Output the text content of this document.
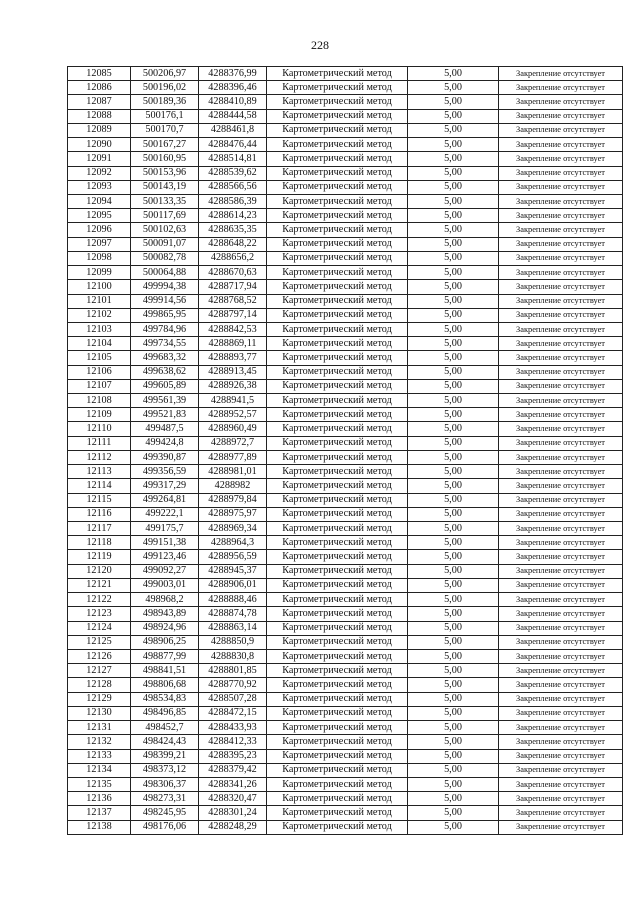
228
12085	500206,97	4288376,99	Картометрический метод	5,00	Закрепление отсутствует
12086	500196,02	4288396,46	Картометрический метод	5,00	Закрепление отсутствует
12087	500189,36	4288410,89	Картометрический метод	5,00	Закрепление отсутствует
12088	500176,1	4288444,58	Картометрический метод	5,00	Закрепление отсутствует
12089	500170,7	4288461,8	Картометрический метод	5,00	Закрепление отсутствует
12090	500167,27	4288476,44	Картометрический метод	5,00	Закрепление отсутствует
12091	500160,95	4288514,81	Картометрический метод	5,00	Закрепление отсутствует
12092	500153,96	4288539,62	Картометрический метод	5,00	Закрепление отсутствует
12093	500143,19	4288566,56	Картометрический метод	5,00	Закрепление отсутствует
12094	500133,35	4288586,39	Картометрический метод	5,00	Закрепление отсутствует
12095	500117,69	4288614,23	Картометрический метод	5,00	Закрепление отсутствует
12096	500102,63	4288635,35	Картометрический метод	5,00	Закрепление отсутствует
12097	500091,07	4288648,22	Картометрический метод	5,00	Закрепление отсутствует
12098	500082,78	4288656,2	Картометрический метод	5,00	Закрепление отсутствует
12099	500064,88	4288670,63	Картометрический метод	5,00	Закрепление отсутствует
12100	499994,38	4288717,94	Картометрический метод	5,00	Закрепление отсутствует
12101	499914,56	4288768,52	Картометрический метод	5,00	Закрепление отсутствует
12102	499865,95	4288797,14	Картометрический метод	5,00	Закрепление отсутствует
12103	499784,96	4288842,53	Картометрический метод	5,00	Закрепление отсутствует
12104	499734,55	4288869,11	Картометрический метод	5,00	Закрепление отсутствует
12105	499683,32	4288893,77	Картометрический метод	5,00	Закрепление отсутствует
12106	499638,62	4288913,45	Картометрический метод	5,00	Закрепление отсутствует
12107	499605,89	4288926,38	Картометрический метод	5,00	Закрепление отсутствует
12108	499561,39	4288941,5	Картометрический метод	5,00	Закрепление отсутствует
12109	499521,83	4288952,57	Картометрический метод	5,00	Закрепление отсутствует
12110	499487,5	4288960,49	Картометрический метод	5,00	Закрепление отсутствует
12111	499424,8	4288972,7	Картометрический метод	5,00	Закрепление отсутствует
12112	499390,87	4288977,89	Картометрический метод	5,00	Закрепление отсутствует
12113	499356,59	4288981,01	Картометрический метод	5,00	Закрепление отсутствует
12114	499317,29	4288982	Картометрический метод	5,00	Закрепление отсутствует
12115	499264,81	4288979,84	Картометрический метод	5,00	Закрепление отсутствует
12116	499222,1	4288975,97	Картометрический метод	5,00	Закрепление отсутствует
12117	499175,7	4288969,34	Картометрический метод	5,00	Закрепление отсутствует
12118	499151,38	4288964,3	Картометрический метод	5,00	Закрепление отсутствует
12119	499123,46	4288956,59	Картометрический метод	5,00	Закрепление отсутствует
12120	499092,27	4288945,37	Картометрический метод	5,00	Закрепление отсутствует
12121	499003,01	4288906,01	Картометрический метод	5,00	Закрепление отсутствует
12122	498968,2	4288888,46	Картометрический метод	5,00	Закрепление отсутствует
12123	498943,89	4288874,78	Картометрический метод	5,00	Закрепление отсутствует
12124	498924,96	4288863,14	Картометрический метод	5,00	Закрепление отсутствует
12125	498906,25	4288850,9	Картометрический метод	5,00	Закрепление отсутствует
12126	498877,99	4288830,8	Картометрический метод	5,00	Закрепление отсутствует
12127	498841,51	4288801,85	Картометрический метод	5,00	Закрепление отсутствует
12128	498806,68	4288770,92	Картометрический метод	5,00	Закрепление отсутствует
12129	498534,83	4288507,28	Картометрический метод	5,00	Закрепление отсутствует
12130	498496,85	4288472,15	Картометрический метод	5,00	Закрепление отсутствует
12131	498452,7	4288433,93	Картометрический метод	5,00	Закрепление отсутствует
12132	498424,43	4288412,33	Картометрический метод	5,00	Закрепление отсутствует
12133	498399,21	4288395,23	Картометрический метод	5,00	Закрепление отсутствует
12134	498373,12	4288379,42	Картометрический метод	5,00	Закрепление отсутствует
12135	498306,37	4288341,26	Картометрический метод	5,00	Закрепление отсутствует
12136	498273,31	4288320,47	Картометрический метод	5,00	Закрепление отсутствует
12137	498245,95	4288301,24	Картометрический метод	5,00	Закрепление отсутствует
12138	498176,06	4288248,29	Картометрический метод	5,00	Закрепление отсутствует
